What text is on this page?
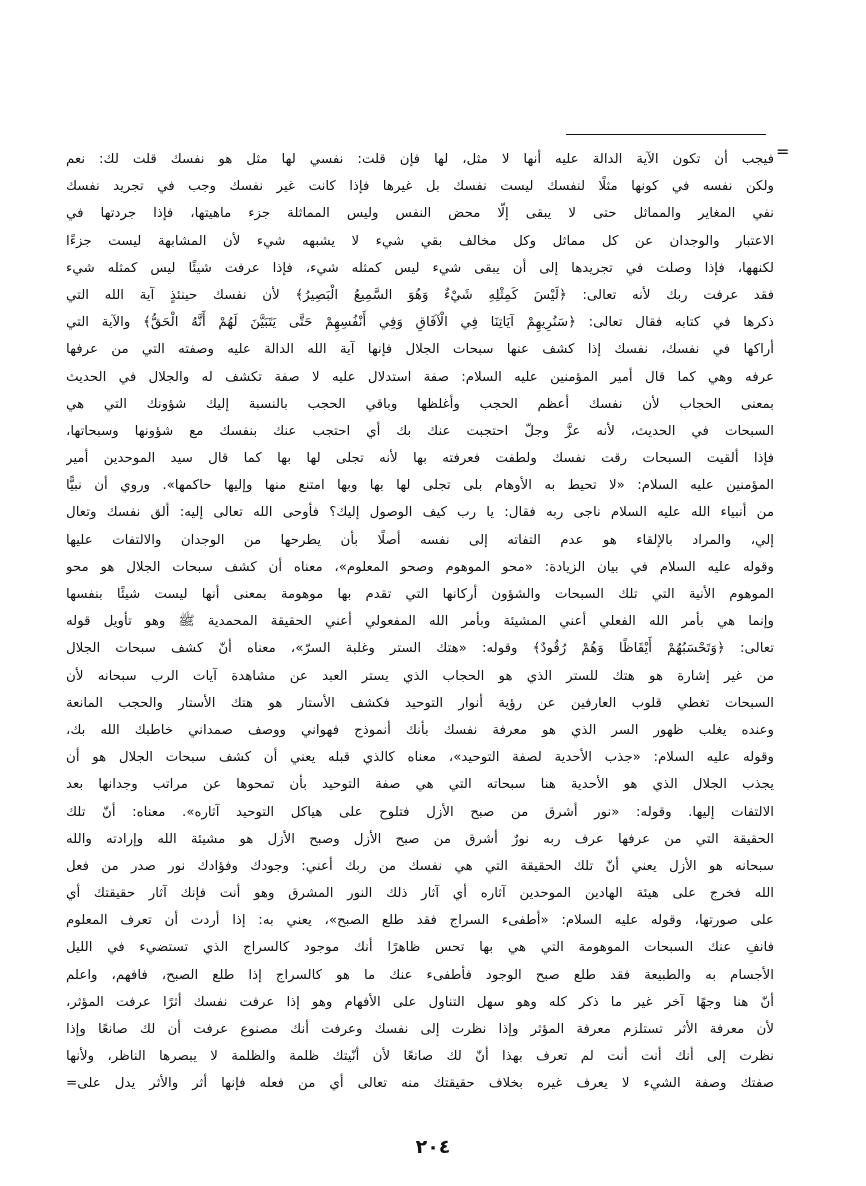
=
فيجب أن تكون الآية الدالة عليه أنها لا مثل، لها فإن قلت: نفسي لها مثل هو نفسك قلت لك: نعم
ولكن نفسه في كونها مثلًا لنفسك ليست نفسك بل غيرها فإذا كانت غير نفسك وجب في تجريد نفسك
نفي المغاير والمماثل حتى لا يبقى إلّا محض النفس وليس المماثلة جزء ماهيتها، فإذا جردتها في
الاعتبار والوجدان عن كل مماثل وكل مخالف بقي شيء لا يشبهه شيء لأن المشابهة ليست جزءًا
لكنهها، فإذا وصلت في تجريدها إلى أن يبقى شيء ليس كمثله شيء، فإذا عرفت شيئًا ليس كمثله شيء
فقد عرفت ربك لأنه تعالى: ﴿لَيْسَ كَمِثْلِهِ شَيْءٌ وَهُوَ السَّمِيعُ الْبَصِيرُ﴾ لأن نفسك حينئذٍ آية الله التي
ذكرها في كتابه فقال تعالى: ﴿سَنُرِيهِمْ آيَاتِنَا فِي الْآفَاقِ وَفِي أَنْفُسِهِمْ حَتَّى يَتَبَيَّنَ لَهُمْ أَنَّهُ الْحَقُّ﴾ والآية التي
أراكها في نفسك، نفسك إذا كشف عنها سبحات الجلال فإنها آية الله الدالة عليه وصفته التي من عرفها
عرفه وهي كما قال أمير المؤمنين عليه السلام: صفة استدلال عليه لا صفة تكشف له والجلال في الحديث
بمعنى الحجاب لأن نفسك أعظم الحجب وأغلظها وباقي الحجب بالنسبة إليك شؤونك التي هي
السبحات في الحديث، لأنه عزَّ وجلّ احتجبت عنك بك أي احتجب عنك بنفسك مع شؤونها وسبحاتها،
فإذا ألقيت السبحات رقت نفسك ولطفت فعرفته بها لأنه تجلى لها بها كما قال سيد الموحدين أمير
المؤمنين عليه السلام: «لا تحيط به الأوهام بلى تجلى لها بها وبها امتنع منها وإليها حاكمها». وروي أن نبيًّا
من أنبياء الله عليه السلام ناجى ربه فقال: يا رب كيف الوصول إليك؟ فأوحى الله تعالى إليه: ألق نفسك وتعال
إلي، والمراد بالإلقاء هو عدم التفاته إلى نفسه أصلًا بأن يطرحها من الوجدان والالتفات عليها
وقوله عليه السلام في بيان الزيادة: «محو الموهوم وصحو المعلوم»، معناه أن كشف سبحات الجلال هو محو
الموهوم الأنية التي تلك السبحات والشؤون أركانها التي تقدم بها موهومة بمعنى أنها ليست شيئًا بنفسها
وإنما هي بأمر الله الفعلي أعني المشيئة وبأمر الله المفعولي أعني الحقيقة المحمدية ﷺ وهو تأويل قوله
تعالى: ﴿وَتَحْسَبُهُمْ أَيْقَاظًا وَهُمْ رُقُودٌ﴾ وقوله: «هتك الستر وغلبة السرّ»، معناه أنّ كشف سبحات الجلال
من غير إشارة هو هتك للستر الذي هو الحجاب الذي يستر العبد عن مشاهدة آيات الرب سبحانه لأن
السبحات تغطي قلوب العارفين عن رؤية أنوار التوحيد فكشف الأستار هو هتك الأستار والحجب المانعة
وعنده يغلب ظهور السر الذي هو معرفة نفسك بأنك أنموذج فهواني ووصف صمداني خاطبك الله بك،
وقوله عليه السلام: «جذب الأحدية لصفة التوحيد»، معناه كالذي قبله يعني أن كشف سبحات الجلال هو أن
يجذب الجلال الذي هو الأحدية هنا سبحاته التي هي صفة التوحيد بأن تمحوها عن مراتب وجدانها بعد
الالتفات إليها. وقوله: «نور أشرق من صبح الأزل فتلوح على هياكل التوحيد آثاره». معناه: أنّ تلك
الحقيقة التي من عرفها عرف ربه نورٌ أشرق من صبح الأزل وصبح الأزل هو مشيئة الله وإرادته والله
سبحانه هو الأزل يعني أنّ تلك الحقيقة التي هي نفسك من ربك أعني: وجودك وفؤادك نور صدر من فعل
الله فخرج على هيئة الهادين الموحدين آثاره أي آثار ذلك النور المشرق وهو أنت فإنك آثار حقيقتك أي
على صورتها، وقوله عليه السلام: «أطفىء السراج فقد طلع الصبح»، يعني به: إذا أردت أن تعرف المعلوم
فانفِ عنك السبحات الموهومة التي هي بها تحس ظاهرًا أنك موجود كالسراج الذي تستضيء في الليل
الأجسام به والطبيعة فقد طلع صبح الوجود فأطفىء عنك ما هو كالسراج إذا طلع الصبح، فافهم، واعلم
أنّ هنا وجهًا آخر غير ما ذكر كله وهو سهل التناول على الأفهام وهو إذا عرفت نفسك أثرًا عرفت المؤثر،
لأن معرفة الأثر تستلزم معرفة المؤثر وإذا نظرت إلى نفسك وعرفت أنك مصنوع عرفت أن لك صانعًا وإذا
نظرت إلى أنك أنت أنت لم تعرف بهذا أنّ لك صانعًا لأن أنّيتك ظلمة والظلمة لا يبصرها الناظر، ولأنها
صفتك وصفة الشيء لا يعرف غيره بخلاف حقيقتك منه تعالى أي من فعله فإنها أثر والأثر يدل على=
٢٠٤
